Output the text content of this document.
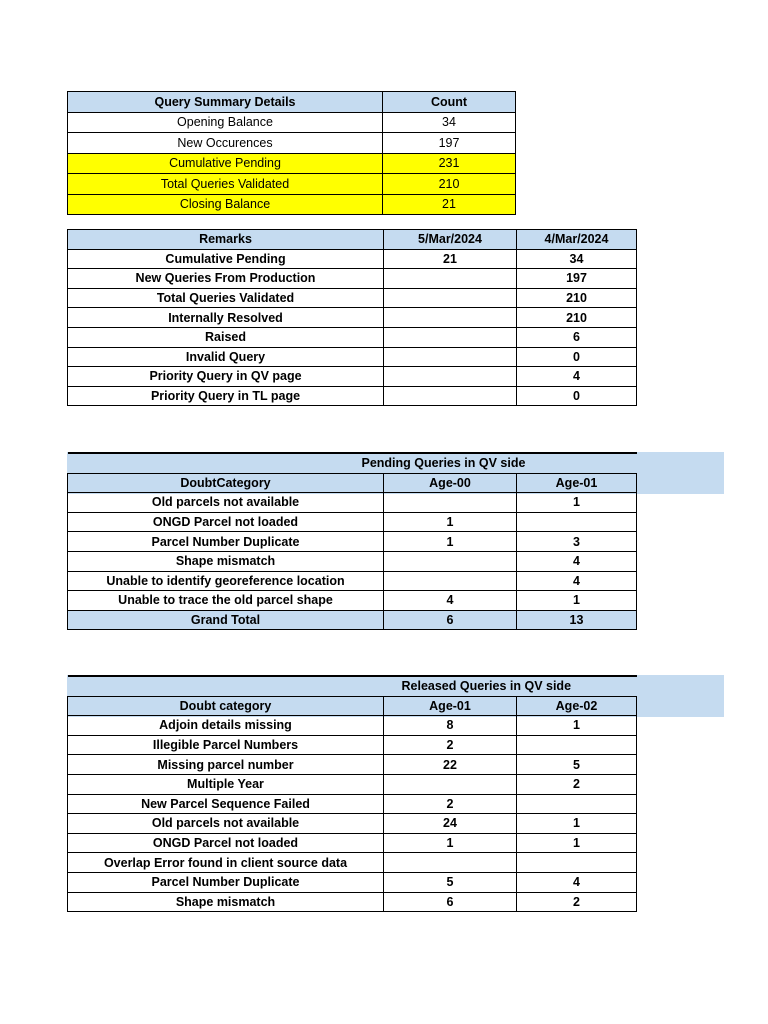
Query Summary Details	Count
Opening Balance	34
New Occurences	197
Cumulative Pending	231
Total Queries Validated	210
Closing Balance	21
Remarks	5/Mar/2024	4/Mar/2024
Cumulative Pending	21	34
New Queries From Production		197
Total Queries Validated		210
Internally Resolved		210
Raised		6
Invalid Query		0
Priority Query in QV page		4
Priority Query in TL page		0
	Pending Queries in QV side	
DoubtCategory	Age-00	Age-01
Old parcels not available		1
ONGD Parcel not loaded	1	
Parcel Number Duplicate	1	3
Shape mismatch		4
Unable to identify georeference location		4
Unable to trace the old parcel shape	4	1
Grand Total	6	13
	Released Queries in QV side	
Doubt category	Age-01	Age-02
Adjoin details missing	8	1
Illegible Parcel Numbers	2	
Missing parcel number	22	5
Multiple Year		2
New Parcel Sequence Failed	2	
Old parcels not available	24	1
ONGD Parcel not loaded	1	1
Overlap Error found in client source data		
Parcel Number Duplicate	5	4
Shape mismatch	6	2
